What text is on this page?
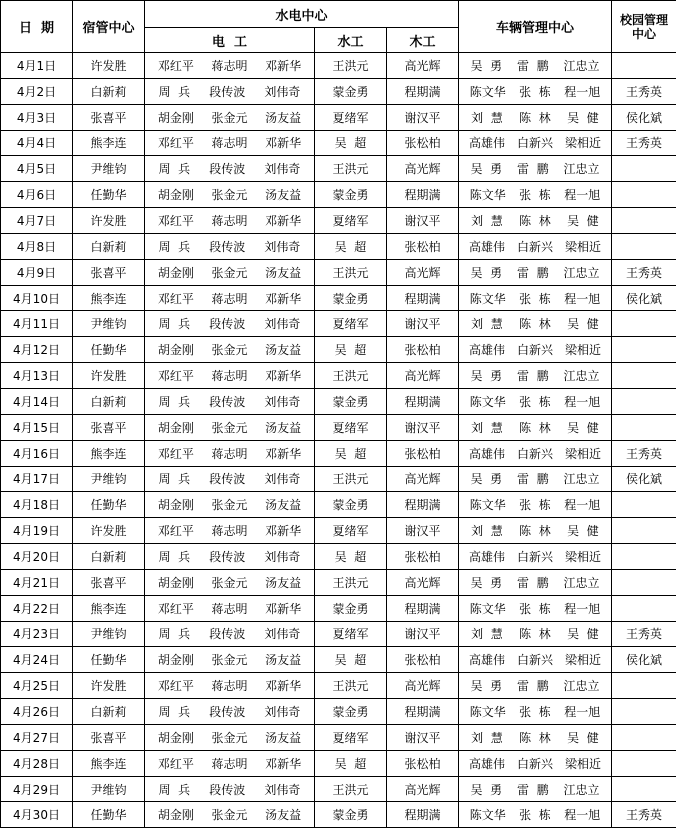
日  期	宿管中心	水电中心			车辆管理中心	校园管理中心

		电  工	水工	木工		
4月1日	许发胜	邓红平 蒋志明 邓新华	王洪元	高光辉	吴  勇 雷  鹏 江忠立	

4月2日	白新莉	周  兵 段传波 刘伟奇	蒙金勇	程期满	陈文华 张  栋 程一旭	王秀英
4月3日	张喜平	胡金刚 张金元 汤友益	夏绪军	谢汉平	刘  慧 陈  林 吴  健	侯化斌
4月4日	熊李连	邓红平 蒋志明 邓新华	吴  超	张松柏	高雄伟 白新兴 梁相近	王秀英
4月5日	尹维钧	周  兵 段传波 刘伟奇	王洪元	高光辉	吴  勇 雷  鹏 江忠立	

4月6日	任勤华	胡金刚 张金元 汤友益	蒙金勇	程期满	陈文华 张  栋 程一旭	

4月7日	许发胜	邓红平 蒋志明 邓新华	夏绪军	谢汉平	刘  慧 陈  林 吴  健	

4月8日	白新莉	周  兵 段传波 刘伟奇	吴  超	张松柏	高雄伟 白新兴 梁相近	

4月9日	张喜平	胡金刚 张金元 汤友益	王洪元	高光辉	吴  勇 雷  鹏 江忠立	王秀英
4月10日	熊李连	邓红平 蒋志明 邓新华	蒙金勇	程期满	陈文华 张  栋 程一旭	侯化斌
4月11日	尹维钧	周  兵 段传波 刘伟奇	夏绪军	谢汉平	刘  慧 陈  林 吴  健	

4月12日	任勤华	胡金刚 张金元 汤友益	吴  超	张松柏	高雄伟 白新兴 梁相近	

4月13日	许发胜	邓红平 蒋志明 邓新华	王洪元	高光辉	吴  勇 雷  鹏 江忠立	

4月14日	白新莉	周  兵 段传波 刘伟奇	蒙金勇	程期满	陈文华 张  栋 程一旭	

4月15日	张喜平	胡金刚 张金元 汤友益	夏绪军	谢汉平	刘  慧 陈  林 吴  健	

4月16日	熊李连	邓红平 蒋志明 邓新华	吴  超	张松柏	高雄伟 白新兴 梁相近	王秀英
4月17日	尹维钧	周  兵 段传波 刘伟奇	王洪元	高光辉	吴  勇 雷  鹏 江忠立	侯化斌
4月18日	任勤华	胡金刚 张金元 汤友益	蒙金勇	程期满	陈文华 张  栋 程一旭	

4月19日	许发胜	邓红平 蒋志明 邓新华	夏绪军	谢汉平	刘  慧 陈  林 吴  健	

4月20日	白新莉	周  兵 段传波 刘伟奇	吴  超	张松柏	高雄伟 白新兴 梁相近	

4月21日	张喜平	胡金刚 张金元 汤友益	王洪元	高光辉	吴  勇 雷  鹏 江忠立	

4月22日	熊李连	邓红平 蒋志明 邓新华	蒙金勇	程期满	陈文华 张  栋 程一旭	

4月23日	尹维钧	周  兵 段传波 刘伟奇	夏绪军	谢汉平	刘  慧 陈  林 吴  健	王秀英
4月24日	任勤华	胡金刚 张金元 汤友益	吴  超	张松柏	高雄伟 白新兴 梁相近	侯化斌
4月25日	许发胜	邓红平 蒋志明 邓新华	王洪元	高光辉	吴  勇 雷  鹏 江忠立	

4月26日	白新莉	周  兵 段传波 刘伟奇	蒙金勇	程期满	陈文华 张  栋 程一旭	

4月27日	张喜平	胡金刚 张金元 汤友益	夏绪军	谢汉平	刘  慧 陈  林 吴  健	

4月28日	熊李连	邓红平 蒋志明 邓新华	吴  超	张松柏	高雄伟 白新兴 梁相近	

4月29日	尹维钧	周  兵 段传波 刘伟奇	王洪元	高光辉	吴  勇 雷  鹏 江忠立	

4月30日	任勤华	胡金刚 张金元 汤友益	蒙金勇	程期满	陈文华 张  栋 程一旭	王秀英
